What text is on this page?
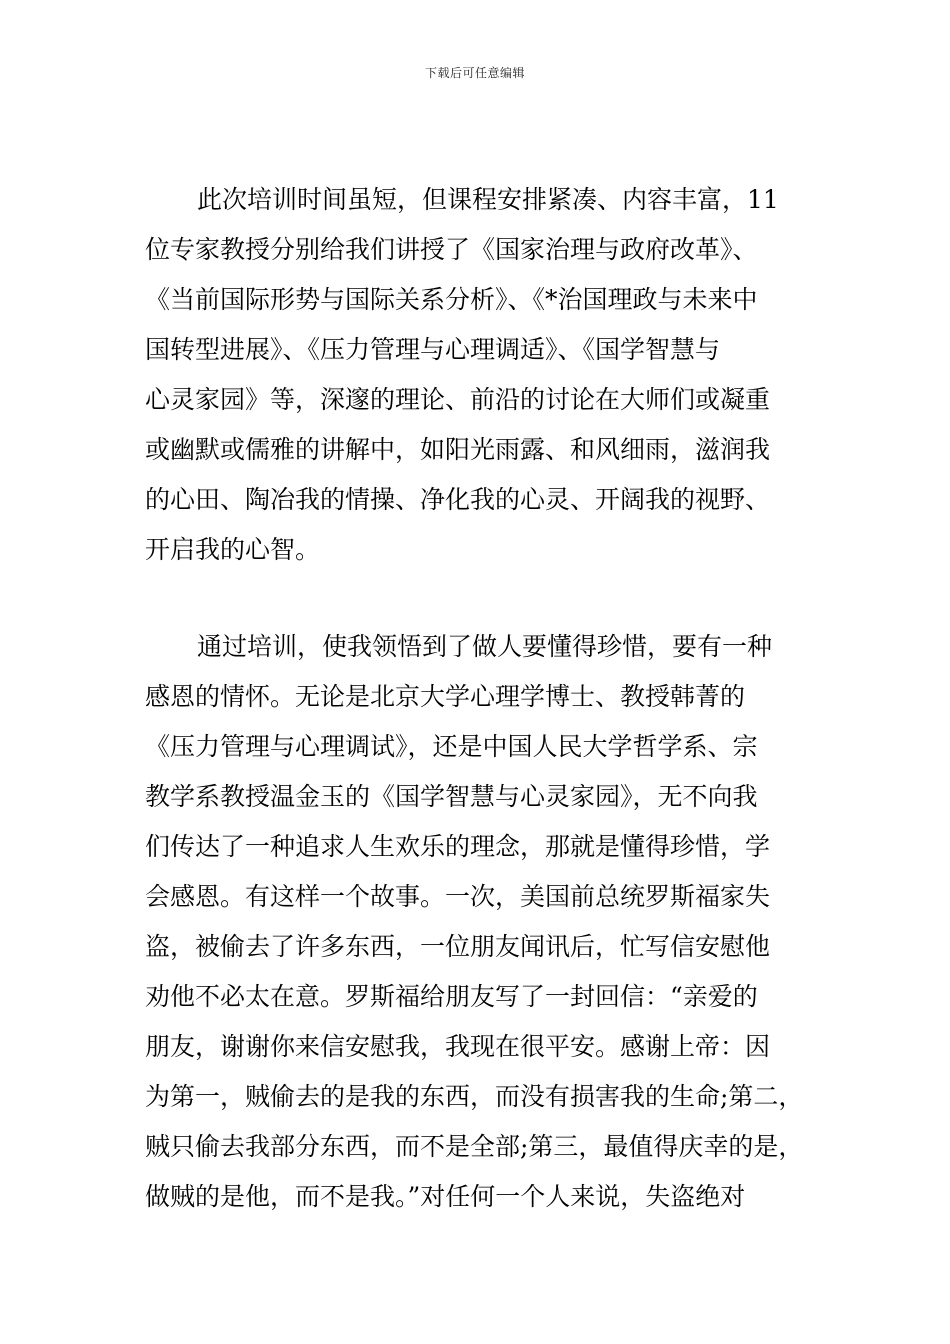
下载后可任意编辑
此次培训时间虽短，但课程安排紧凑、内容丰富，11
位专家教授分别给我们讲授了《国家治理与政府改革》、
《当前国际形势与国际关系分析》、《*治国理政与未来中
国转型进展》、《压力管理与心理调适》、《国学智慧与
心灵家园》等，深邃的理论、前沿的讨论在大师们或凝重
或幽默或儒雅的讲解中，如阳光雨露、和风细雨，滋润我
的心田、陶冶我的情操、净化我的心灵、开阔我的视野、
开启我的心智。
通过培训，使我领悟到了做人要懂得珍惜，要有一种
感恩的情怀。无论是北京大学心理学博士、教授韩菁的
《压力管理与心理调试》，还是中国人民大学哲学系、宗
教学系教授温金玉的《国学智慧与心灵家园》，无不向我
们传达了一种追求人生欢乐的理念，那就是懂得珍惜，学
会感恩。有这样一个故事。一次，美国前总统罗斯福家失
盗，被偷去了许多东西，一位朋友闻讯后，忙写信安慰他
劝他不必太在意。罗斯福给朋友写了一封回信：“亲爱的
朋友，谢谢你来信安慰我，我现在很平安。感谢上帝：因
为第一，贼偷去的是我的东西，而没有损害我的生命;第二，
贼只偷去我部分东西，而不是全部;第三，最值得庆幸的是，
做贼的是他，而不是我。”对任何一个人来说，失盗绝对
